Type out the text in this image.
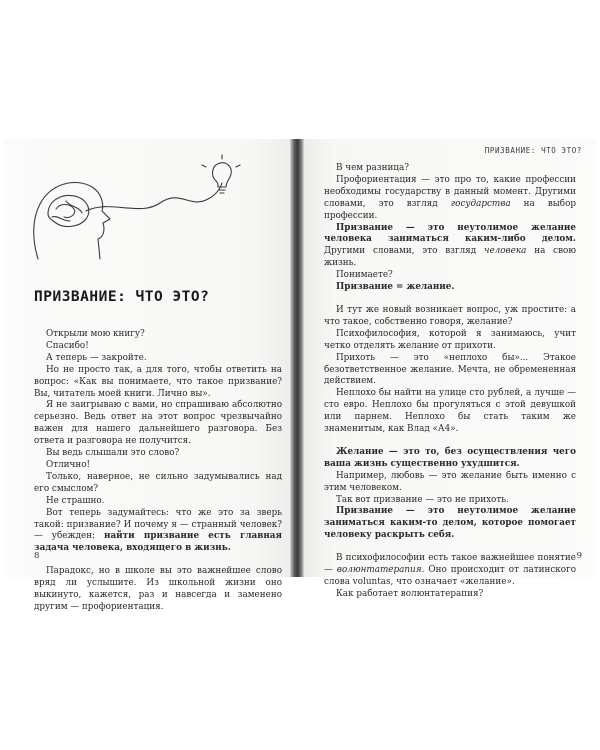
ПРИЗВАНИЕ: ЧТО ЭТО?

Открыли мою книгу?

Спасибо!

А теперь — закройте.

Но не просто так, а для того, чтобы ответить на вопрос: «Как вы понимаете, что такое призвание? Вы, читатель моей книги. Лично вы».

Я не заигрываю с вами, но спрашиваю абсолютно серьезно. Ведь ответ на этот вопрос чрезвычайно важен для нашего дальнейшего разговора. Без ответа и разговора не получится.

Вы ведь слышали это слово?

Отлично!

Только, наверное, не сильно задумывались над его смыслом?

Не страшно.

Вот теперь задумайтесь: что же это за зверь такой: призвание? И почему я — странный человек? — убежден: найти призвание есть главная задача человека, входящего в жизнь.

Парадокс, но в школе вы это важнейшее слово вряд ли услышите. Из школьной жизни оно выкинуто, кажется, раз и навсегда и заменено другим — профориентация.

8
ПРИЗВАНИЕ: ЧТО ЭТО?

В чем разница?

Профориентация — это про то, какие профессии необходимы государству в данный момент. Другими словами, это взгляд государства на выбор профессии.

Призвание — это неутолимое желание человека заниматься каким-либо делом. Другими словами, это взгляд человека на свою жизнь.

Понимаете?

Призвание = желание.

И тут же новый возникает вопрос, уж простите: а что такое, собственно говоря, желание?

Психофилософия, которой я занимаюсь, учит четко отделять желание от прихоти.

Прихоть — это «неплохо бы»... Этакое безответственное желание. Мечта, не обремененная действием.

Неплохо бы найти на улице сто рублей, а лучше — сто евро. Неплохо бы прогуляться с этой девушкой или парнем. Неплохо бы стать таким же знаменитым, как Влад «А4».

Желание — это то, без осуществления чего ваша жизнь существенно ухудшится.

Например, любовь — это желание быть именно с этим человеком.

Так вот призвание — это не прихоть.

Призвание — это неутолимое желание заниматься каким-то делом, которое помогает человеку раскрыть себя.

В психофилософии есть такое важнейшее понятие — волюнтатерапия. Оно происходит от латинского слова voluntas, что означает «желание».

Как работает волюнтатерапия?

9
